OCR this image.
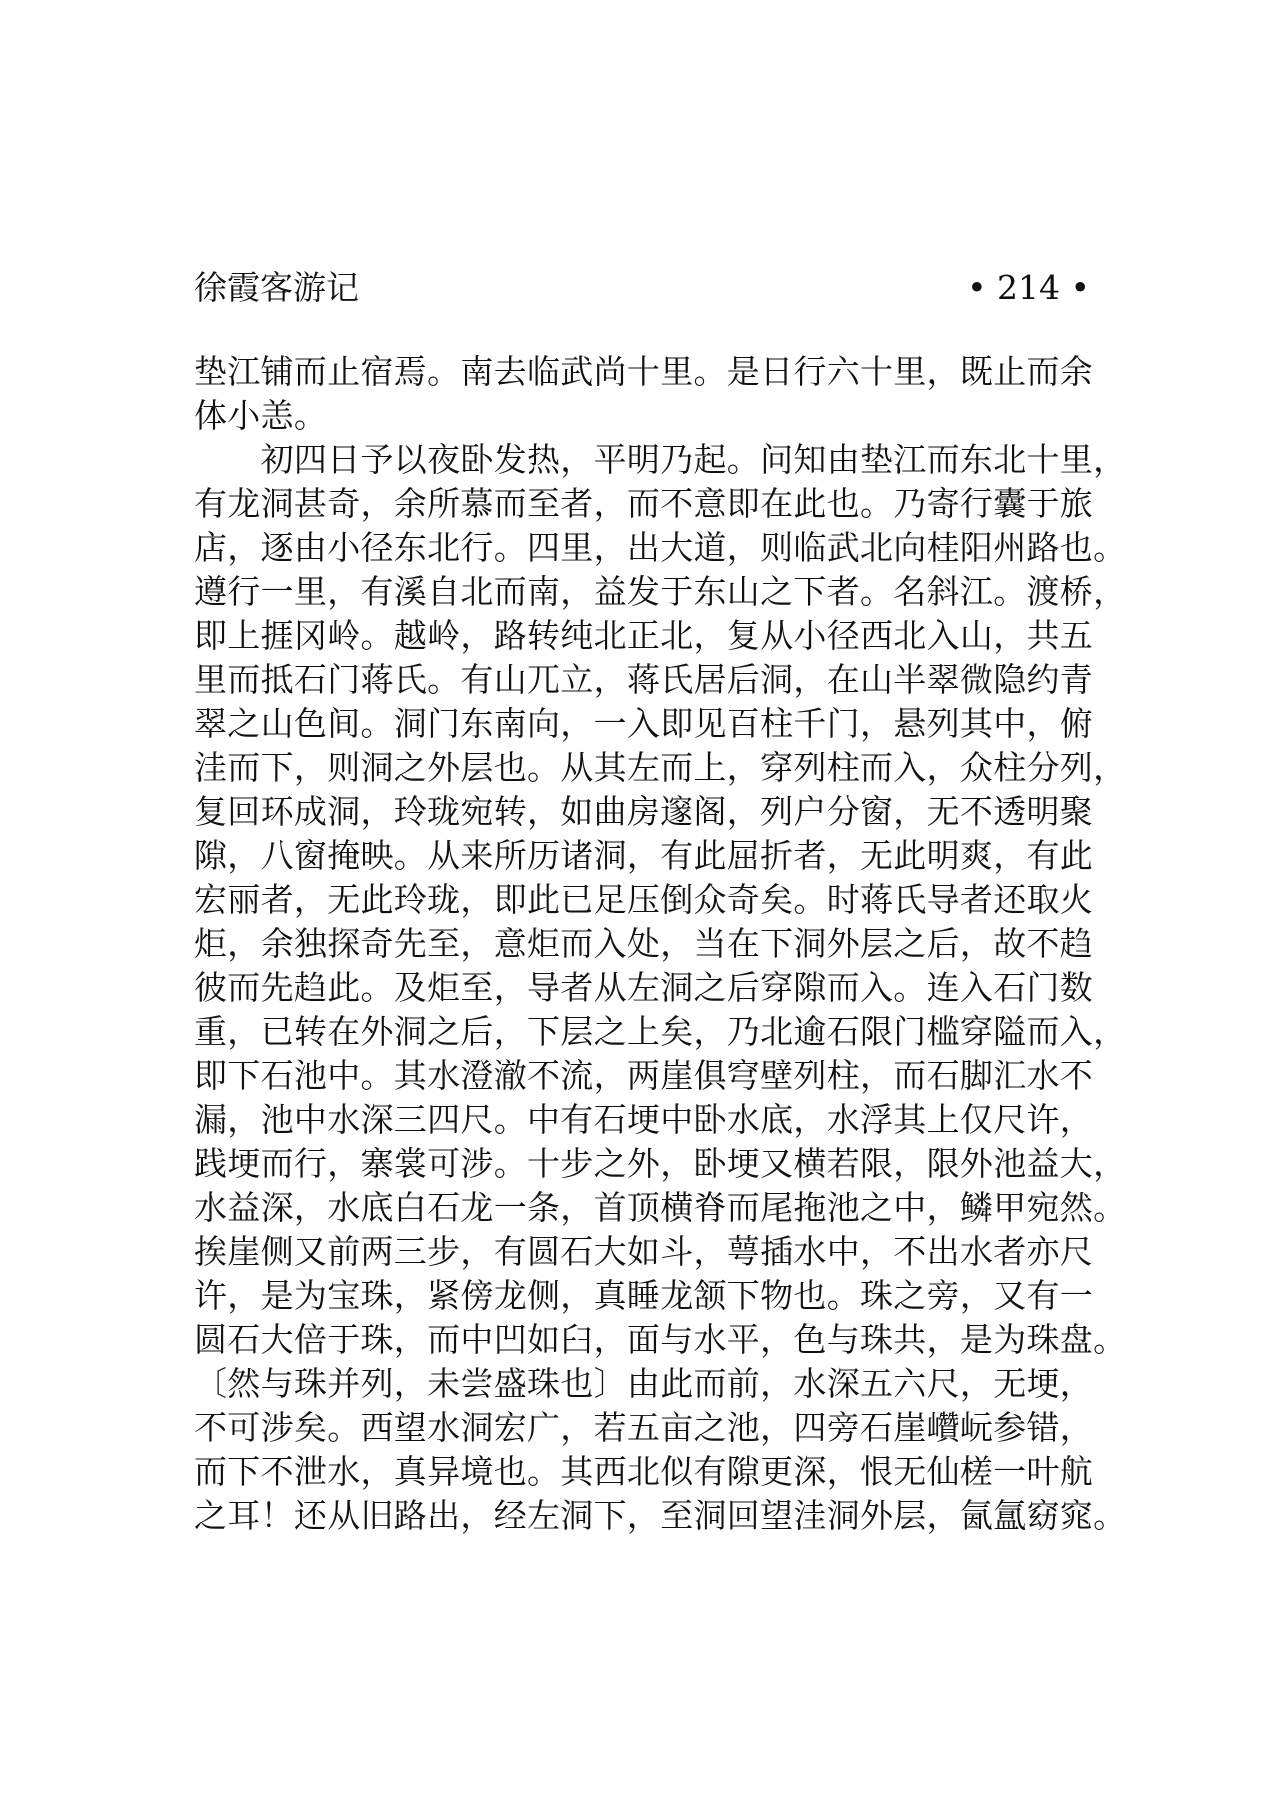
徐霞客游记	• 214 •
垫江铺而止宿焉。南去临武尚十里。是日行六十里，既止而余
体小恙。
　　初四日予以夜卧发热，平明乃起。问知由垫江而东北十里，
有龙洞甚奇，余所慕而至者，而不意即在此也。乃寄行囊于旅
店，逐由小径东北行。四里，出大道，则临武北向桂阳州路也。
遵行一里，有溪自北而南，益发于东山之下者。名斜江。渡桥，
即上捱冈岭。越岭，路转纯北正北，复从小径西北入山，共五
里而抵石门蒋氏。有山兀立，蒋氏居后洞，在山半翠微隐约青
翠之山色间。洞门东南向，一入即见百柱千门，悬列其中，俯
洼而下，则洞之外层也。从其左而上，穿列柱而入，众柱分列，
复回环成洞，玲珑宛转，如曲房邃阁，列户分窗，无不透明聚
隙，八窗掩映。从来所历诸洞，有此屈折者，无此明爽，有此
宏丽者，无此玲珑，即此已足压倒众奇矣。时蒋氏导者还取火
炬，余独探奇先至，意炬而入处，当在下洞外层之后，故不趋
彼而先趋此。及炬至，导者从左洞之后穿隙而入。连入石门数
重，已转在外洞之后，下层之上矣，乃北逾石限门槛穿隘而入，
即下石池中。其水澄澈不流，两崖俱穹壁列柱，而石脚汇水不
漏，池中水深三四尺。中有石埂中卧水底，水浮其上仅尺许，
践埂而行，寨裳可涉。十步之外，卧埂又横若限，限外池益大，
水益深，水底白石龙一条，首顶横脊而尾拖池之中，鳞甲宛然。
挨崖侧又前两三步，有圆石大如斗，萼插水中，不出水者亦尺
许，是为宝珠，紧傍龙侧，真睡龙颔下物也。珠之旁，又有一
圆石大倍于珠，而中凹如臼，面与水平，色与珠共，是为珠盘。
〔然与珠并列，未尝盛珠也〕由此而前，水深五六尺，无埂，
不可涉矣。西望水洞宏广，若五亩之池，四旁石崖巑岏参错，
而下不泄水，真异境也。其西北似有隙更深，恨无仙槎一叶航
之耳！还从旧路出，经左洞下，至洞回望洼洞外层，氤氲窈窕。
